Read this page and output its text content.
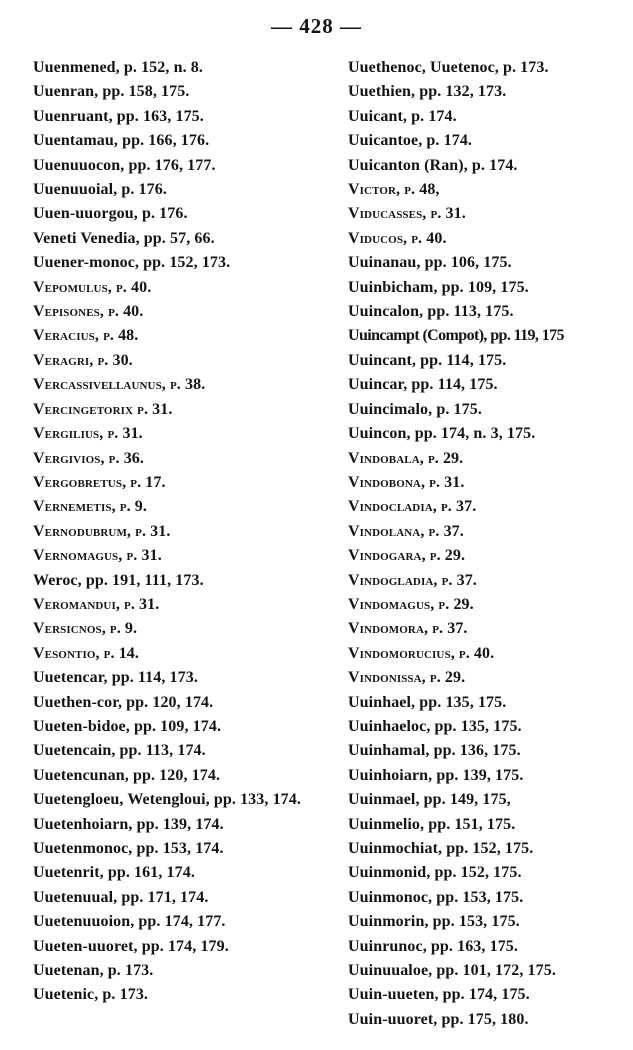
— 428 —
Uuenmened, p. 152, n. 8.
Uuenran, pp. 158, 175.
Uuenruant, pp. 163, 175.
Uuentamau, pp. 166, 176.
Uuenuuocon, pp. 176, 177.
Uuenuuoial, p. 176.
Uuen-uuorgou, p. 176.
Veneti Venedia, pp. 57, 66.
Uuener-monoc, pp. 152, 173.
Vepomulus, p. 40.
Vepisones, p. 40.
Veracius, p. 48.
Veragri, p. 30.
Vercassivellaunus, p. 38.
Vercingetorix p. 31.
Vergilius, p. 31.
Vergivios, p. 36.
Vergobretus, p. 17.
Vernemetis, p. 9.
Vernodubrum, p. 31.
Vernomagus, p. 31.
Weroc, pp. 191, 111, 173.
Veromandui, p. 31.
Versicnos, p. 9.
Vesontio, p. 14.
Uuetencar, pp. 114, 173.
Uuethen-cor, pp. 120, 174.
Uueten-bidoe, pp. 109, 174.
Uuetencain, pp. 113, 174.
Uuetencunan, pp. 120, 174.
Uuetengloeu, Wetengloui, pp. 133, 174.
Uuetenhoiarn, pp. 139, 174.
Uuetenmonoc, pp. 153, 174.
Uuetenrit, pp. 161, 174.
Uuetenuual, pp. 171, 174.
Uuetenuuoion, pp. 174, 177.
Uueten-uuoret, pp. 174, 179.
Uuetenan, p. 173.
Uuetenic, p. 173.
Uuethenoc, Uuetenoc, p. 173.
Uuethien, pp. 132, 173.
Uuicant, p. 174.
Uuicantoe, p. 174.
Uuicanton (Ran), p. 174.
Victor, p. 48,
Viducasses, p. 31.
Viducos, p. 40.
Uuinanau, pp. 106, 175.
Uuinbicham, pp. 109, 175.
Uuincalon, pp. 113, 175.
Uuincampt (Compot), pp. 119, 175
Uuincant, pp. 114, 175.
Uuincar, pp. 114, 175.
Uuincimalo, p. 175.
Uuincon, pp. 174, n. 3, 175.
Vindobala, p. 29.
Vindobona, p. 31.
Vindocladia, p. 37.
Vindolana, p. 37.
Vindogara, p. 29.
Vindogladia, p. 37.
Vindomagus, p. 29.
Vindomora, p. 37.
Vindomorucius, p. 40.
Vindonissa, p. 29.
Uuinhael, pp. 135, 175.
Uuinhaeloc, pp. 135, 175.
Uuinhamal, pp. 136, 175.
Uuinhoiarn, pp. 139, 175.
Uuinmael, pp. 149, 175,
Uuinmelio, pp. 151, 175.
Uuinmochiat, pp. 152, 175.
Uuinmonid, pp. 152, 175.
Uuinmonoc, pp. 153, 175.
Uuinmorin, pp. 153, 175.
Uuinrunoc, pp. 163, 175.
Uuinuualoe, pp. 101, 172, 175.
Uuin-uueten, pp. 174, 175.
Uuin-uuoret, pp. 175, 180.
